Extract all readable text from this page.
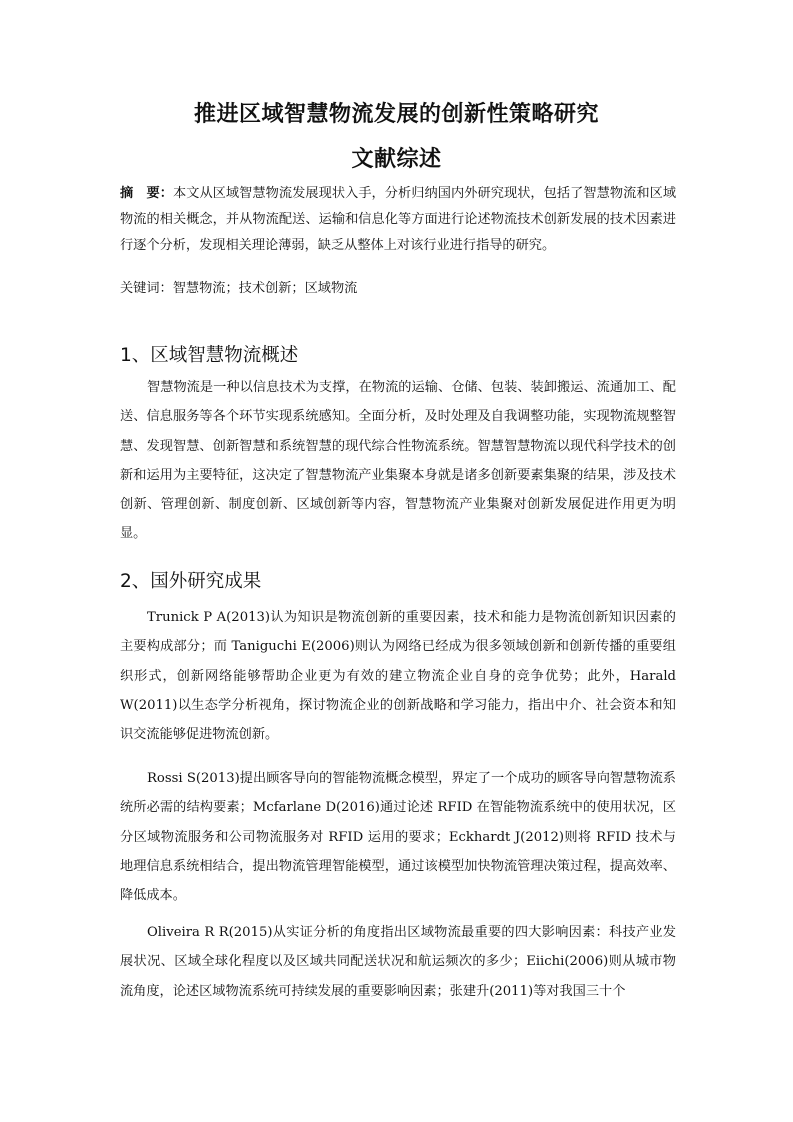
推进区域智慧物流发展的创新性策略研究
文献综述
摘　要：本文从区域智慧物流发展现状入手，分析归纳国内外研究现状，包括了智慧物流和区域物流的相关概念，并从物流配送、运输和信息化等方面进行论述物流技术创新发展的技术因素进行逐个分析，发现相关理论薄弱，缺乏从整体上对该行业进行指导的研究。
关键词：智慧物流；技术创新；区域物流
1、区域智慧物流概述

智慧物流是一种以信息技术为支撑，在物流的运输、仓储、包装、装卸搬运、流通加工、配送、信息服务等各个环节实现系统感知。全面分析，及时处理及自我调整功能，实现物流规整智慧、发现智慧、创新智慧和系统智慧的现代综合性物流系统。智慧智慧物流以现代科学技术的创新和运用为主要特征，这决定了智慧物流产业集聚本身就是诸多创新要素集聚的结果，涉及技术创新、管理创新、制度创新、区域创新等内容，智慧物流产业集聚对创新发展促进作用更为明显。

2、国外研究成果

Trunick P A(2013)认为知识是物流创新的重要因素，技术和能力是物流创新知识因素的主要构成部分；而 Taniguchi E(2006)则认为网络已经成为很多领域创新和创新传播的重要组织形式，创新网络能够帮助企业更为有效的建立物流企业自身的竞争优势；此外，Harald W(2011)以生态学分析视角，探讨物流企业的创新战略和学习能力，指出中介、社会资本和知识交流能够促进物流创新。

Rossi S(2013)提出顾客导向的智能物流概念模型，界定了一个成功的顾客导向智慧物流系统所必需的结构要素；Mcfarlane D(2016)通过论述 RFID 在智能物流系统中的使用状况，区分区域物流服务和公司物流服务对 RFID 运用的要求；Eckhardt J(2012)则将 RFID 技术与地理信息系统相结合，提出物流管理智能模型，通过该模型加快物流管理决策过程，提高效率、降低成本。

Oliveira R R(2015)从实证分析的角度指出区域物流最重要的四大影响因素：科技产业发展状况、区域全球化程度以及区域共同配送状况和航运频次的多少；Eiichi(2006)则从城市物流角度，论述区域物流系统可持续发展的重要影响因素；张建升(2011)等对我国三十个
